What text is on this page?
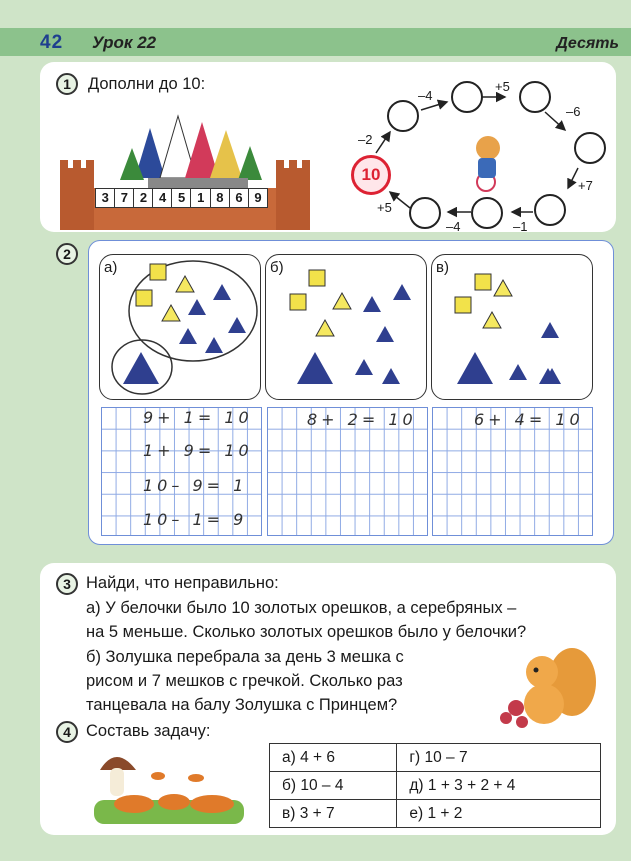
42 Урок 22	Десять
1	Дополни до 10:
3 7 2 4 5 1 8 6 9
10
–2
–4
+5
–6
+7
–1
–4
+5
2
а)	б)	в)
9+ 1= 10
1+ 9= 10
10– 9= 1
10– 1= 9
8+ 2= 10	6+ 4= 10
3 Найди, что неправильно:
а) У белочки было 10 золотых орешков, а серебряных –
на 5 меньше. Сколько золотых орешков было у белочки?
б) Золушка перебрала за день 3 мешка с
рисом и 7 мешков с гречкой. Сколько раз
танцевала на балу Золушка с Принцем?
4 Составь задачу:
а) 4 + 6	г) 10 – 7
б) 10 – 4	д) 1 + 3 + 2 + 4
в) 3 + 7	е) 1 + 2
